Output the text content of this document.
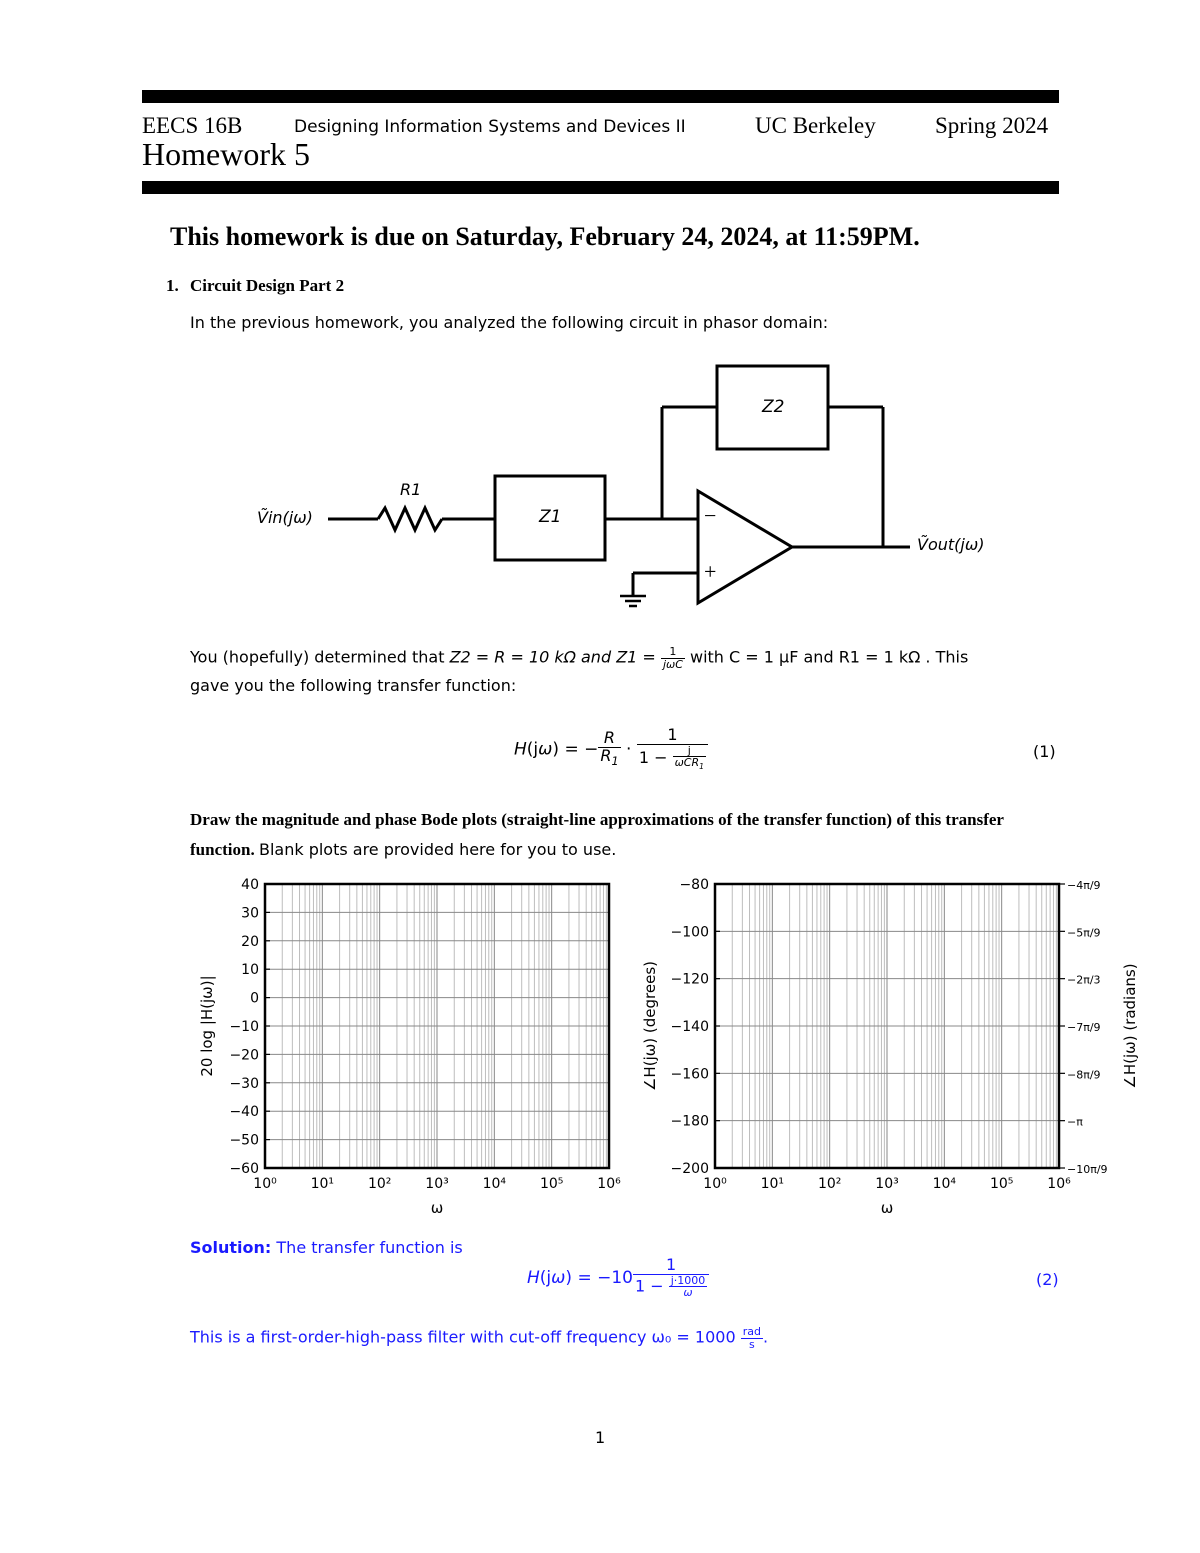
EECS 16B	Designing Information Systems and Devices II	UC Berkeley	Spring 2024
Homework 5
This homework is due on Saturday, February 24, 2024, at 11:59PM.
1. Circuit Design Part 2
In the previous homework, you analyzed the following circuit in phasor domain:
Ṽin(jω)
R1
Z1
Z2
Ṽout(jω)
−
+
You (hopefully) determined that Z2 = R = 10 kΩ and $Z1 = \frac{1}{\text{jωC}}$ with C = 1 µF and R1 = 1 kΩ . This
gave you the following transfer function:
H(jω) = − $\frac{R}{R_1} \cdot \frac{1}{1 - \frac{j}{\omega CR_1}}$	(1)
Draw the magnitude and phase Bode plots (straight-line approximations of the transfer function) of this transfer function. Blank plots are provided here for you to use.
40
30
20
10
0
−10
−20
−30
−40
−50
−60
10⁰ 10¹ 10² 10³ 10⁴ 10⁵ 10⁶
ω
20 log |H(jω)|
−80
−100
−120
−140
−160
−180
−200
10⁰ 10¹ 10² 10³ 10⁴ 10⁵ 10⁶
ω
∠H(jω) (degrees)
−4π/9
−5π/9
−2π/3
−7π/9
−8π/9
−π
−10π/9
∠H(jω) (radians)
Solution: The transfer function is
$H(j\omega) = -10 \frac{1}{1 - \frac{j\cdot 1000}{\omega}}$	(2)
This is a first-order-high-pass filter with cut-off frequency $\omega_0 = 1000 \frac{\text{rad}}{s}$ .
1
